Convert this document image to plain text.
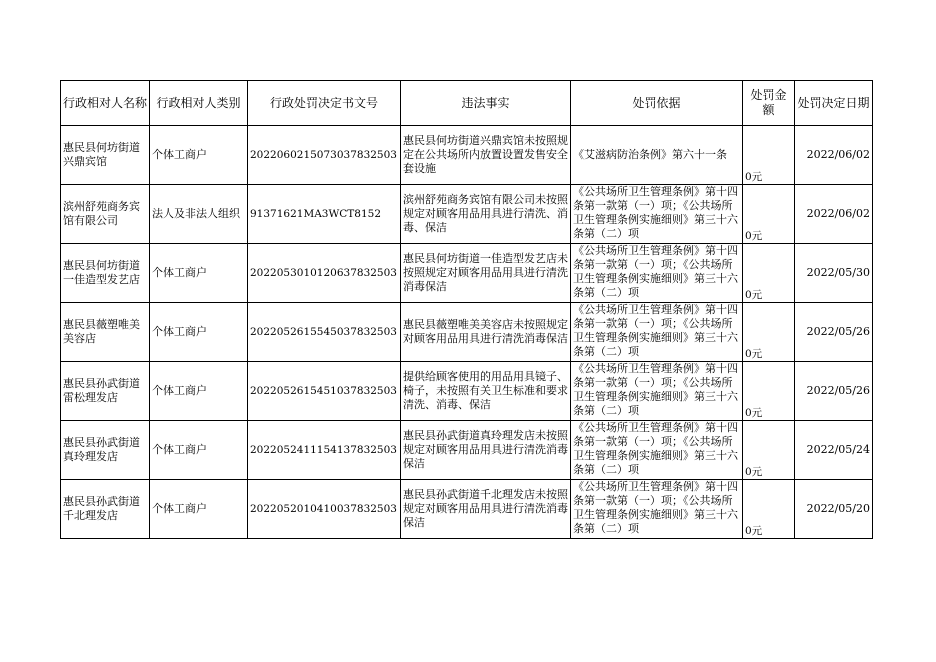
行政相对人名称	行政相对人类别	行政处罚决定书文号	违法事实	处罚依据	处罚金额	处罚决定日期
惠民县何坊街道兴鼎宾馆	个体工商户	20220602150730378325​03	惠民县何坊街道兴鼎宾馆未按照规定在公共场所内放置设置发售安全套设施	《艾滋病防治条例》第六十一条	0元	2022/06/02
滨州舒苑商务宾馆有限公司	法人及非法人组织	91371621MA3WCT8152	滨州舒苑商务宾馆有限公司未按照规定对顾客用品用具进行清洗、消毒、保洁	《公共场所卫生管理条例》第十四条第一款第（一）项；《公共场所卫生管理条例实施细则》第三十六条第（二）项	0元	2022/06/02
惠民县何坊街道一佳造型发艺店	个体工商户	20220530101206378325​03	惠民县何坊街道一佳造型发艺店未按照规定对顾客用品用具进行清洗消毒保洁	《公共场所卫生管理条例》第十四条第一款第（一）项；《公共场所卫生管理条例实施细则》第三十六条第（二）项	0元	2022/05/30
惠民县薇塑唯美美容店	个体工商户	20220526155450378325​03	惠民县薇塑唯美美容店未按照规定对顾客用品用具进行清洗消毒保洁	《公共场所卫生管理条例》第十四条第一款第（一）项；《公共场所卫生管理条例实施细则》第三十六条第（二）项	0元	2022/05/26
惠民县孙武街道雷松理发店	个体工商户	20220526154510378325​03	提供给顾客使用的用品用具镜子、椅子，未按照有关卫生标准和要求清洗、消毒、保洁	《公共场所卫生管理条例》第十四条第一款第（一）项；《公共场所卫生管理条例实施细则》第三十六条第（二）项	0元	2022/05/26
惠民县孙武街道真玲理发店	个体工商户	20220524111541378325​03	惠民县孙武街道真玲理发店未按照规定对顾客用品用具进行清洗消毒保洁	《公共场所卫生管理条例》第十四条第一款第（一）项；《公共场所卫生管理条例实施细则》第三十六条第（二）项	0元	2022/05/24
惠民县孙武街道千北理发店	个体工商户	20220520104100378325​03	惠民县孙武街道千北理发店未按照规定对顾客用品用具进行清洗消毒保洁	《公共场所卫生管理条例》第十四条第一款第（一）项；《公共场所卫生管理条例实施细则》第三十六条第（二）项	0元	2022/05/20
